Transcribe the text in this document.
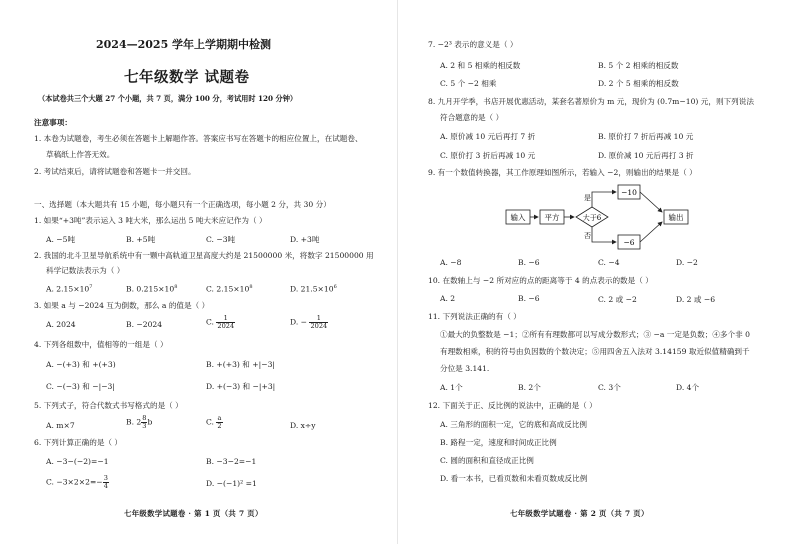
2024—2025 学年上学期期中检测
七年级数学 试题卷
（本试卷共三个大题 27 个小题，共 7 页，满分 100 分，考试用时 120 分钟）
注意事项：
1. 本卷为试题卷，考生必须在答题卡上解题作答。答案应书写在答题卡的相应位置上，在试题卷、
草稿纸上作答无效。
2. 考试结束后，请将试题卷和答题卡一并交回。
一、选择题（本大题共有 15 小题，每小题只有一个正确选项，每小题 2 分，共 30 分）
1. 如果“+3吨”表示运入 3 吨大米，那么运出 5 吨大米应记作为（ ）
A. −5吨	B. +5吨	C. −3吨	D. +3吨
2. 我国的北斗卫星导航系统中有一颗中高轨道卫星高度大约是 21500000 米，将数字 21500000 用
科学记数法表示为（ ）
A. $2.15\times 10^7$	B. $0.215\times 10^8$	C. $2.15\times 10^8$	D. $21.5\times 10^6$
3. 如果 a 与 −2024 互为倒数，那么 a 的值是（ ）
A. 2024	B. −2024	C. $\frac{1}{2024}$	D. − $\frac{1}{2024}$
4. 下列各组数中，值相等的一组是（ ）
A. −(+3) 和 +(+3)	B. +(+3) 和 +|−3|
C. −(−3) 和 −|−3|	D. +(−3) 和 −|+3|
5. 下列式子，符合代数式书写格式的是（ ）
A. m×7	B. $2 \frac{8}{3}$ b	C. $\frac{a}{2}$	D. x÷y
6. 下列计算正确的是（ ）
A. −3−(−2)=−1	B. −3−2=−1
C. $-3\times 2\times 2=- \frac{3}{4}$	D. −(−1)² =1
七年级数学试题卷 · 第 1 页（共 7 页）
7. −2³ 表示的意义是（ ）
A. 2 和 5 相乘的相反数	B. 5 个 2 相乘的相反数
C. 5 个 −2 相乘	D. 2 个 5 相乘的相反数
8. 九月开学季，书店开展优惠活动，某套名著原价为 m 元，现价为 (0.7m−10) 元，则下列说法
符合题意的是（ ）
A. 原价减 10 元后再打 7 折	B. 原价打 7 折后再减 10 元
C. 原价打 3 折后再减 10 元	D. 原价减 10 元后再打 3 折
9. 有一个数值转换器，其工作原理如图所示，若输入 −2，则输出的结果是（ ）
输入	平方	大于6
是
−10
否
−6
输出
A. −8	B. −6	C. −4	D. −2
10. 在数轴上与 −2 所对应的点的距离等于 4 的点表示的数是（ ）
A. 2	B. −6	C. 2 或 −2	D. 2 或 −6
11. 下列说法正确的有（ ）
①最大的负整数是 −1；②所有有理数都可以写成分数形式；③ −a 一定是负数；④多个非 0
有理数相乘，积的符号由负因数的个数决定；⑤用四舍五入法对 3.14159 取近似值精确到千
分位是 3.141.
A. 1个	B. 2个	C. 3个	D. 4个
12. 下面关于正、反比例的说法中，正确的是（ ）
A. 三角形的面积一定，它的底和高成反比例
B. 路程一定，速度和时间成正比例
C. 圆的面积和直径成正比例
D. 看一本书，已看页数和未看页数成反比例
七年级数学试题卷 · 第 2 页（共 7 页）
